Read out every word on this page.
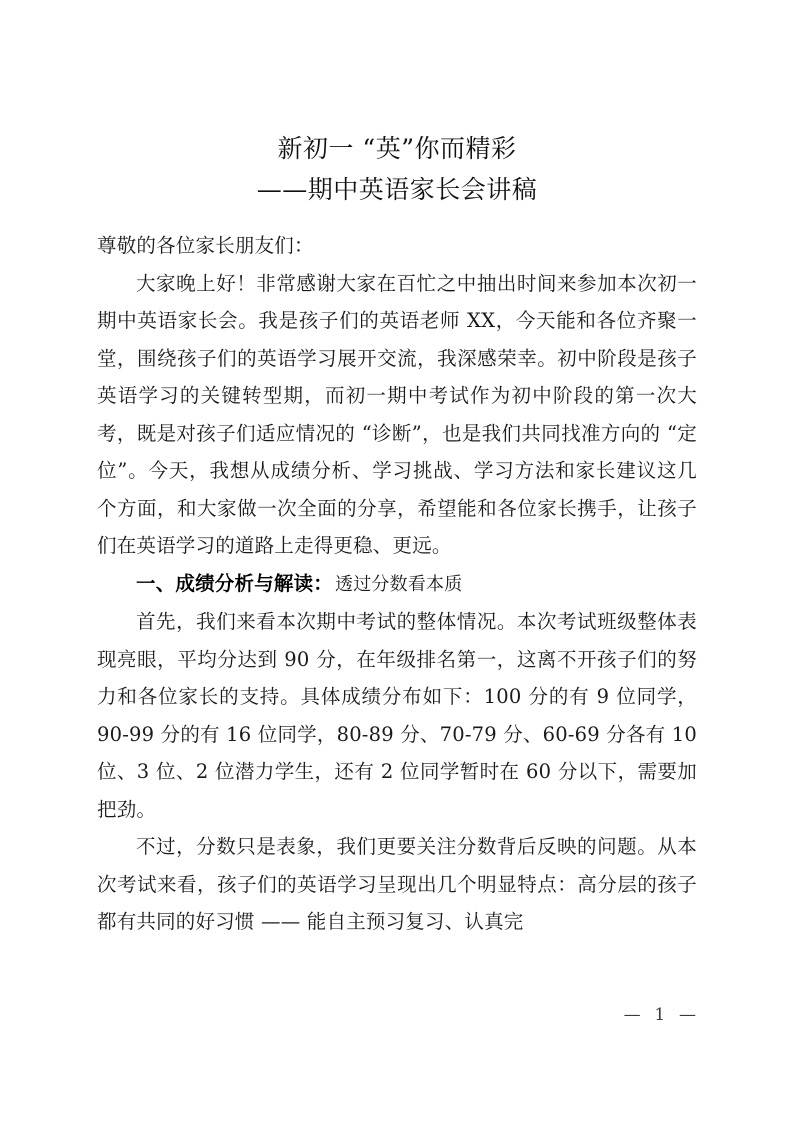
新初一 “英”你而精彩
——期中英语家长会讲稿
尊敬的各位家长朋友们：

大家晚上好！非常感谢大家在百忙之中抽出时间来参加本次初一期中英语家长会。我是孩子们的英语老师 XX，今天能和各位齐聚一堂，围绕孩子们的英语学习展开交流，我深感荣幸。初中阶段是孩子英语学习的关键转型期，而初一期中考试作为初中阶段的第一次大考，既是对孩子们适应情况的 “诊断”，也是我们共同找准方向的 “定位”。今天，我想从成绩分析、学习挑战、学习方法和家长建议这几个方面，和大家做一次全面的分享，希望能和各位家长携手，让孩子们在英语学习的道路上走得更稳、更远。

一、成绩分析与解读： 透过分数看本质

首先，我们来看本次期中考试的整体情况。本次考试班级整体表现亮眼，平均分达到 90 分，在年级排名第一，这离不开孩子们的努力和各位家长的支持。具体成绩分布如下：100 分的有 9 位同学，90-99 分的有 16 位同学，80-89 分、70-79 分、60-69 分各有 10 位、3 位、2 位潜力学生，还有 2 位同学暂时在 60 分以下，需要加把劲。

不过，分数只是表象，我们更要关注分数背后反映的问题。从本次考试来看，孩子们的英语学习呈现出几个明显特点：高分层的孩子都有共同的好习惯 —— 能自主预习复习、认真完

—  1  —
